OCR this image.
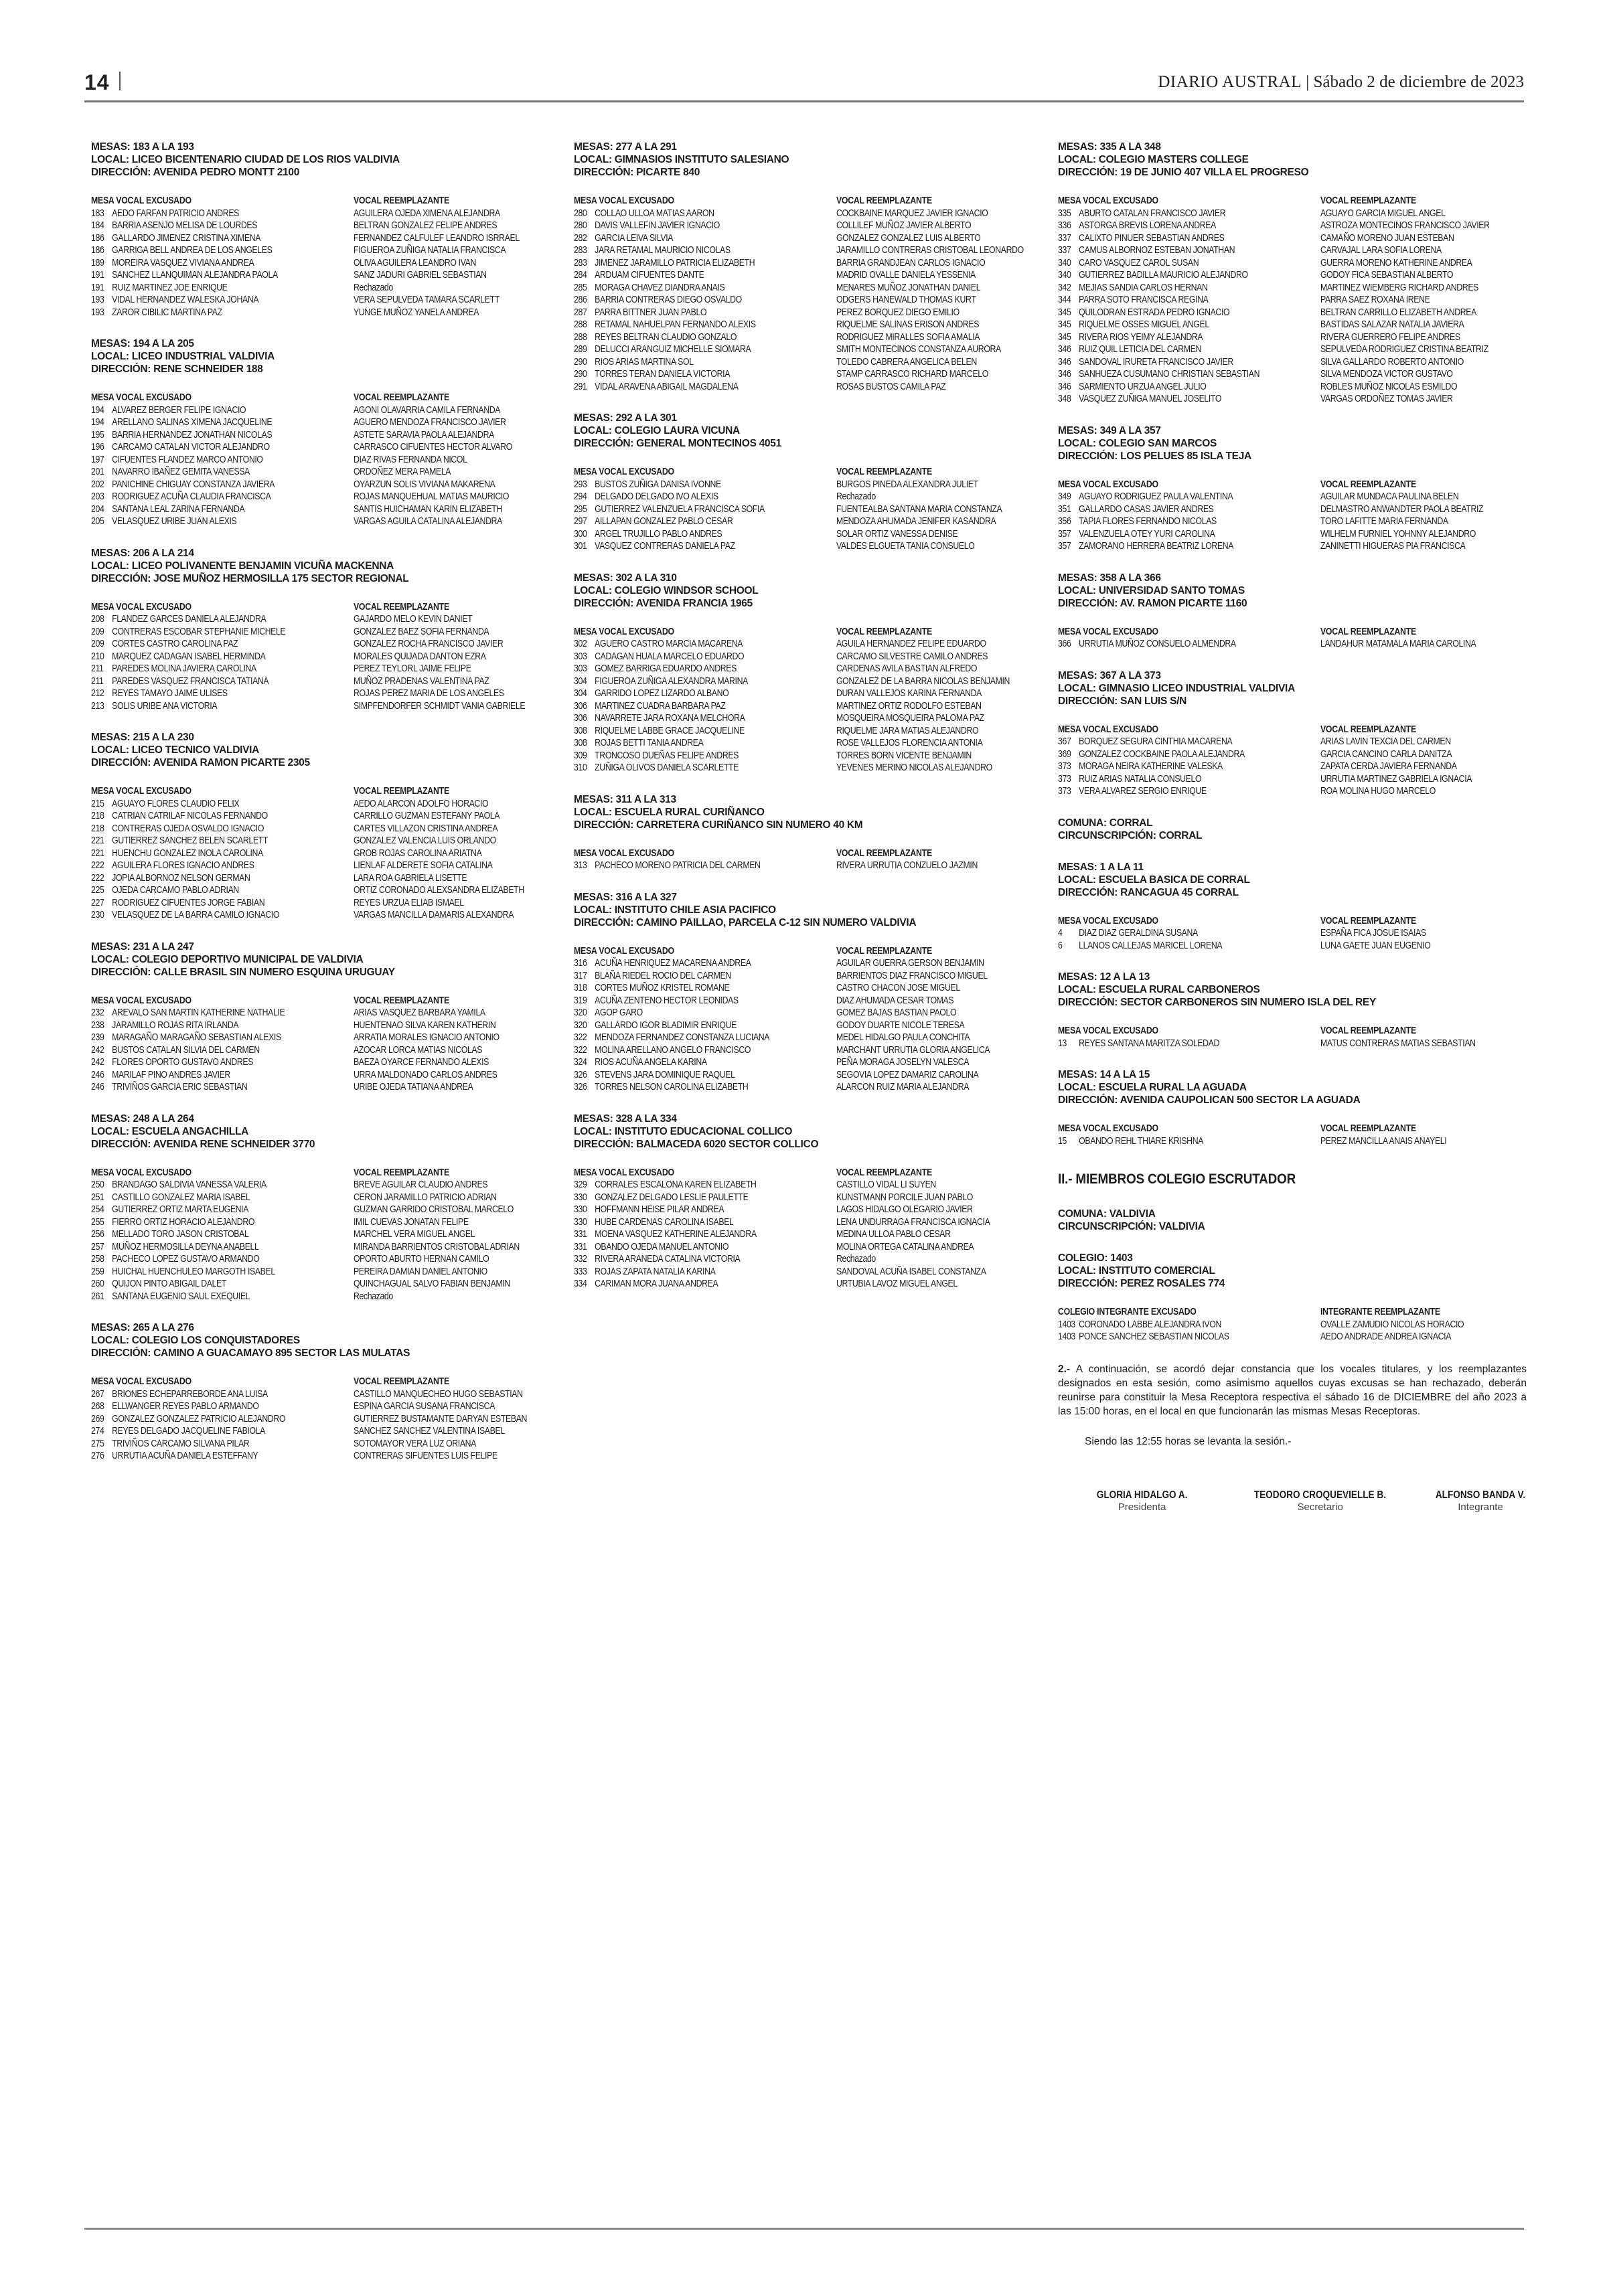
14	DIARIO AUSTRAL | Sábado 2 de diciembre de 2023
MESAS: 183 A LA 193
LOCAL: LICEO BICENTENARIO CIUDAD DE LOS RIOS VALDIVIA
DIRECCIÓN: AVENIDA PEDRO MONTT 2100
MESA VOCAL EXCUSADO	VOCAL REEMPLAZANTE
183 AEDO FARFAN PATRICIO ANDRES	AGUILERA OJEDA XIMENA ALEJANDRA
184 BARRIA ASENJO MELISA DE LOURDES	BELTRAN GONZALEZ FELIPE ANDRES
186 GALLARDO JIMENEZ CRISTINA XIMENA	FERNANDEZ CALFULEF LEANDRO ISRRAEL
186 GARRIGA BELL ANDREA DE LOS ANGELES	FIGUEROA ZUÑIGA NATALIA FRANCISCA
189 MOREIRA VASQUEZ VIVIANA ANDREA	OLIVA AGUILERA LEANDRO IVAN
191 SANCHEZ LLANQUIMAN ALEJANDRA PAOLA	SANZ JADURI GABRIEL SEBASTIAN
191 RUIZ MARTINEZ JOE ENRIQUE	Rechazado
193 VIDAL HERNANDEZ WALESKA JOHANA	VERA SEPULVEDA TAMARA SCARLETT
193 ZAROR CIBILIC MARTINA PAZ	YUNGE MUÑOZ YANELA ANDREA
MESAS: 194 A LA 205
LOCAL: LICEO INDUSTRIAL VALDIVIA
DIRECCIÓN: RENE SCHNEIDER 188
MESA VOCAL EXCUSADO	VOCAL REEMPLAZANTE
194 ALVAREZ BERGER FELIPE IGNACIO	AGONI OLAVARRIA CAMILA FERNANDA
194 ARELLANO SALINAS XIMENA JACQUELINE	AGUERO MENDOZA FRANCISCO JAVIER
195 BARRIA HERNANDEZ JONATHAN NICOLAS	ASTETE SARAVIA PAOLA ALEJANDRA
196 CARCAMO CATALAN VICTOR ALEJANDRO	CARRASCO CIFUENTES HECTOR ALVARO
197 CIFUENTES FLANDEZ MARCO ANTONIO	DIAZ RIVAS FERNANDA NICOL
201 NAVARRO IBAÑEZ GEMITA VANESSA	ORDOÑEZ MERA PAMELA
202 PANICHINE CHIGUAY CONSTANZA JAVIERA	OYARZUN SOLIS VIVIANA MAKARENA
203 RODRIGUEZ ACUÑA CLAUDIA FRANCISCA	ROJAS MANQUEHUAL MATIAS MAURICIO
204 SANTANA LEAL ZARINA FERNANDA	SANTIS HUICHAMAN KARIN ELIZABETH
205 VELASQUEZ URIBE JUAN ALEXIS	VARGAS AGUILA CATALINA ALEJANDRA
MESAS: 206 A LA 214
LOCAL: LICEO POLIVANENTE BENJAMIN VICUÑA MACKENNA
DIRECCIÓN: JOSE MUÑOZ HERMOSILLA 175 SECTOR REGIONAL
MESA VOCAL EXCUSADO	VOCAL REEMPLAZANTE
208 FLANDEZ GARCES DANIELA ALEJANDRA	GAJARDO MELO KEVIN DANIET
209 CONTRERAS ESCOBAR STEPHANIE MICHELE	GONZALEZ BAEZ SOFIA FERNANDA
209 CORTES CASTRO CAROLINA PAZ	GONZALEZ ROCHA FRANCISCO JAVIER
210 MARQUEZ CADAGAN ISABEL HERMINDA	MORALES QUIJADA DANTON EZRA
211 PAREDES MOLINA JAVIERA CAROLINA	PEREZ TEYLORL JAIME FELIPE
211 PAREDES VASQUEZ FRANCISCA TATIANA	MUÑOZ PRADENAS VALENTINA PAZ
212 REYES TAMAYO JAIME ULISES	ROJAS PEREZ MARIA DE LOS ANGELES
213 SOLIS URIBE ANA VICTORIA	SIMPFENDORFER SCHMIDT VANIA GABRIELE
MESAS: 215 A LA 230
LOCAL: LICEO TECNICO VALDIVIA
DIRECCIÓN: AVENIDA RAMON PICARTE 2305
MESA VOCAL EXCUSADO	VOCAL REEMPLAZANTE
215 AGUAYO FLORES CLAUDIO FELIX	AEDO ALARCON ADOLFO HORACIO
218 CATRIAN CATRILAF NICOLAS FERNANDO	CARRILLO GUZMAN ESTEFANY PAOLA
218 CONTRERAS OJEDA OSVALDO IGNACIO	CARTES VILLAZON CRISTINA ANDREA
221 GUTIERREZ SANCHEZ BELEN SCARLETT	GONZALEZ VALENCIA LUIS ORLANDO
221 HUENCHU GONZALEZ INOLA CAROLINA	GROB ROJAS CAROLINA ARIATNA
222 AGUILERA FLORES IGNACIO ANDRES	LIENLAF ALDERETE SOFIA CATALINA
222 JOPIA ALBORNOZ NELSON GERMAN	LARA ROA GABRIELA LISETTE
225 OJEDA CARCAMO PABLO ADRIAN	ORTIZ CORONADO ALEXSANDRA ELIZABETH
227 RODRIGUEZ CIFUENTES JORGE FABIAN	REYES URZUA ELIAB ISMAEL
230 VELASQUEZ DE LA BARRA CAMILO IGNACIO	VARGAS MANCILLA DAMARIS ALEXANDRA
MESAS: 231 A LA 247
LOCAL: COLEGIO DEPORTIVO MUNICIPAL DE VALDIVIA
DIRECCIÓN: CALLE BRASIL SIN NUMERO ESQUINA URUGUAY
MESA VOCAL EXCUSADO	VOCAL REEMPLAZANTE
232 AREVALO SAN MARTIN KATHERINE NATHALIE	ARIAS VASQUEZ BARBARA YAMILA
238 JARAMILLO ROJAS RITA IRLANDA	HUENTENAO SILVA KAREN KATHERIN
239 MARAGAÑO MARAGAÑO SEBASTIAN ALEXIS	ARRATIA MORALES IGNACIO ANTONIO
242 BUSTOS CATALAN SILVIA DEL CARMEN	AZOCAR LORCA MATIAS NICOLAS
242 FLORES OPORTO GUSTAVO ANDRES	BAEZA OYARCE FERNANDO ALEXIS
246 MARILAF PINO ANDRES JAVIER	URRA MALDONADO CARLOS ANDRES
246 TRIVIÑOS GARCIA ERIC SEBASTIAN	URIBE OJEDA TATIANA ANDREA
MESAS: 248 A LA 264
LOCAL: ESCUELA ANGACHILLA
DIRECCIÓN: AVENIDA RENE SCHNEIDER 3770
MESA VOCAL EXCUSADO	VOCAL REEMPLAZANTE
250 BRANDAGO SALDIVIA VANESSA VALERIA	BREVE AGUILAR CLAUDIO ANDRES
251 CASTILLO GONZALEZ MARIA ISABEL	CERON JARAMILLO PATRICIO ADRIAN
254 GUTIERREZ ORTIZ MARTA EUGENIA	GUZMAN GARRIDO CRISTOBAL MARCELO
255 FIERRO ORTIZ HORACIO ALEJANDRO	IMIL CUEVAS JONATAN FELIPE
256 MELLADO TORO JASON CRISTOBAL	MARCHEL VERA MIGUEL ANGEL
257 MUÑOZ HERMOSILLA DEYNA ANABELL	MIRANDA BARRIENTOS CRISTOBAL ADRIAN
258 PACHECO LOPEZ GUSTAVO ARMANDO	OPORTO ABURTO HERNAN CAMILO
259 HUICHAL HUENCHULEO MARGOTH ISABEL	PEREIRA DAMIAN DANIEL ANTONIO
260 QUIJON PINTO ABIGAIL DALET	QUINCHAGUAL SALVO FABIAN BENJAMIN
261 SANTANA EUGENIO SAUL EXEQUIEL	Rechazado
MESAS: 265 A LA 276
LOCAL: COLEGIO LOS CONQUISTADORES
DIRECCIÓN: CAMINO A GUACAMAYO 895 SECTOR LAS MULATAS
MESA VOCAL EXCUSADO	VOCAL REEMPLAZANTE
267 BRIONES ECHEPARREBORDE ANA LUISA	CASTILLO MANQUECHEO HUGO SEBASTIAN
268 ELLWANGER REYES PABLO ARMANDO	ESPINA GARCIA SUSANA FRANCISCA
269 GONZALEZ GONZALEZ PATRICIO ALEJANDRO	GUTIERREZ BUSTAMANTE DARYAN ESTEBAN
274 REYES DELGADO JACQUELINE FABIOLA	SANCHEZ SANCHEZ VALENTINA ISABEL
275 TRIVIÑOS CARCAMO SILVANA PILAR	SOTOMAYOR VERA LUZ ORIANA
276 URRUTIA ACUÑA DANIELA ESTEFFANY	CONTRERAS SIFUENTES LUIS FELIPE
MESAS: 277 A LA 291
LOCAL: GIMNASIOS INSTITUTO SALESIANO
DIRECCIÓN: PICARTE 840
MESA VOCAL EXCUSADO	VOCAL REEMPLAZANTE
280 COLLAO ULLOA MATIAS AARON	COCKBAINE MARQUEZ JAVIER IGNACIO
280 DAVIS VALLEFIN JAVIER IGNACIO	COLLILEF MUÑOZ JAVIER ALBERTO
282 GARCIA LEIVA SILVIA	GONZALEZ GONZALEZ LUIS ALBERTO
283 JARA RETAMAL MAURICIO NICOLAS	JARAMILLO CONTRERAS CRISTOBAL LEONARDO
283 JIMENEZ JARAMILLO PATRICIA ELIZABETH	BARRIA GRANDJEAN CARLOS IGNACIO
284 ARDUAM CIFUENTES DANTE	MADRID OVALLE DANIELA YESSENIA
285 MORAGA CHAVEZ DIANDRA ANAIS	MENARES MUÑOZ JONATHAN DANIEL
286 BARRIA CONTRERAS DIEGO OSVALDO	ODGERS HANEWALD THOMAS KURT
287 PARRA BITTNER JUAN PABLO	PEREZ BORQUEZ DIEGO EMILIO
288 RETAMAL NAHUELPAN FERNANDO ALEXIS	RIQUELME SALINAS ERISON ANDRES
288 REYES BELTRAN CLAUDIO GONZALO	RODRIGUEZ MIRALLES SOFIA AMALIA
289 DELUCCI ARANGUIZ MICHELLE SIOMARA	SMITH MONTECINOS CONSTANZA AURORA
290 RIOS ARIAS MARTINA SOL	TOLEDO CABRERA ANGELICA BELEN
290 TORRES TERAN DANIELA VICTORIA	STAMP CARRASCO RICHARD MARCELO
291 VIDAL ARAVENA ABIGAIL MAGDALENA	ROSAS BUSTOS CAMILA PAZ
MESAS: 292 A LA 301
LOCAL: COLEGIO LAURA VICUNA
DIRECCIÓN: GENERAL MONTECINOS 4051
MESA VOCAL EXCUSADO	VOCAL REEMPLAZANTE
293 BUSTOS ZUÑIGA DANISA IVONNE	BURGOS PINEDA ALEXANDRA JULIET
294 DELGADO DELGADO IVO ALEXIS	Rechazado
295 GUTIERREZ VALENZUELA FRANCISCA SOFIA	FUENTEALBA SANTANA MARIA CONSTANZA
297 AILLAPAN GONZALEZ PABLO CESAR	MENDOZA AHUMADA JENIFER KASANDRA
300 ARGEL TRUJILLO PABLO ANDRES	SOLAR ORTIZ VANESSA DENISE
301 VASQUEZ CONTRERAS DANIELA PAZ	VALDES ELGUETA TANIA CONSUELO
MESAS: 302 A LA 310
LOCAL: COLEGIO WINDSOR SCHOOL
DIRECCIÓN: AVENIDA FRANCIA 1965
MESA VOCAL EXCUSADO	VOCAL REEMPLAZANTE
302 AGUERO CASTRO MARCIA MACARENA	AGUILA HERNANDEZ FELIPE EDUARDO
303 CADAGAN HUALA MARCELO EDUARDO	CARCAMO SILVESTRE CAMILO ANDRES
303 GOMEZ BARRIGA EDUARDO ANDRES	CARDENAS AVILA BASTIAN ALFREDO
304 FIGUEROA ZUÑIGA ALEXANDRA MARINA	GONZALEZ DE LA BARRA NICOLAS BENJAMIN
304 GARRIDO LOPEZ LIZARDO ALBANO	DURAN VALLEJOS KARINA FERNANDA
306 MARTINEZ CUADRA BARBARA PAZ	MARTINEZ ORTIZ RODOLFO ESTEBAN
306 NAVARRETE JARA ROXANA MELCHORA	MOSQUEIRA MOSQUEIRA PALOMA PAZ
308 RIQUELME LABBE GRACE JACQUELINE	RIQUELME JARA MATIAS ALEJANDRO
308 ROJAS BETTI TANIA ANDREA	ROSE VALLEJOS FLORENCIA ANTONIA
309 TRONCOSO DUEÑAS FELIPE ANDRES	TORRES BORN VICENTE BENJAMIN
310 ZUÑIGA OLIVOS DANIELA SCARLETTE	YEVENES MERINO NICOLAS ALEJANDRO
MESAS: 311 A LA 313
LOCAL: ESCUELA RURAL CURIÑANCO
DIRECCIÓN: CARRETERA CURIÑANCO SIN NUMERO 40 KM
MESA VOCAL EXCUSADO	VOCAL REEMPLAZANTE
313 PACHECO MORENO PATRICIA DEL CARMEN	RIVERA URRUTIA CONZUELO JAZMIN
MESAS: 316 A LA 327
LOCAL: INSTITUTO CHILE ASIA PACIFICO
DIRECCIÓN: CAMINO PAILLAO, PARCELA C-12 SIN NUMERO VALDIVIA
MESA VOCAL EXCUSADO	VOCAL REEMPLAZANTE
316 ACUÑA HENRIQUEZ MACARENA ANDREA	AGUILAR GUERRA GERSON BENJAMIN
317 BLAÑA RIEDEL ROCIO DEL CARMEN	BARRIENTOS DIAZ FRANCISCO MIGUEL
318 CORTES MUÑOZ KRISTEL ROMANE	CASTRO CHACON JOSE MIGUEL
319 ACUÑA ZENTENO HECTOR LEONIDAS	DIAZ AHUMADA CESAR TOMAS
320 AGOP GARO	GOMEZ BAJAS BASTIAN PAOLO
320 GALLARDO IGOR BLADIMIR ENRIQUE	GODOY DUARTE NICOLE TERESA
322 MENDOZA FERNANDEZ CONSTANZA LUCIANA	MEDEL HIDALGO PAULA CONCHITA
322 MOLINA ARELLANO ANGELO FRANCISCO	MARCHANT URRUTIA GLORIA ANGELICA
324 RIOS ACUÑA ANGELA KARINA	PEÑA MORAGA JOSELYN VALESCA
326 STEVENS JARA DOMINIQUE RAQUEL	SEGOVIA LOPEZ DAMARIZ CAROLINA
326 TORRES NELSON CAROLINA ELIZABETH	ALARCON RUIZ MARIA ALEJANDRA
MESAS: 328 A LA 334
LOCAL: INSTITUTO EDUCACIONAL COLLICO
DIRECCIÓN: BALMACEDA 6020 SECTOR COLLICO
MESA VOCAL EXCUSADO	VOCAL REEMPLAZANTE
329 CORRALES ESCALONA KAREN ELIZABETH	CASTILLO VIDAL LI SUYEN
330 GONZALEZ DELGADO LESLIE PAULETTE	KUNSTMANN PORCILE JUAN PABLO
330 HOFFMANN HEISE PILAR ANDREA	LAGOS HIDALGO OLEGARIO JAVIER
330 HUBE CARDENAS CAROLINA ISABEL	LENA UNDURRAGA FRANCISCA IGNACIA
331 MOENA VASQUEZ KATHERINE ALEJANDRA	MEDINA ULLOA PABLO CESAR
331 OBANDO OJEDA MANUEL ANTONIO	MOLINA ORTEGA CATALINA ANDREA
332 RIVERA ARANEDA CATALINA VICTORIA	Rechazado
333 ROJAS ZAPATA NATALIA KARINA	SANDOVAL ACUÑA ISABEL CONSTANZA
334 CARIMAN MORA JUANA ANDREA	URTUBIA LAVOZ MIGUEL ANGEL
MESAS: 335 A LA 348
LOCAL: COLEGIO MASTERS COLLEGE
DIRECCIÓN: 19 DE JUNIO 407 VILLA EL PROGRESO
MESA VOCAL EXCUSADO	VOCAL REEMPLAZANTE
335 ABURTO CATALAN FRANCISCO JAVIER	AGUAYO GARCIA MIGUEL ANGEL
336 ASTORGA BREVIS LORENA ANDREA	ASTROZA MONTECINOS FRANCISCO JAVIER
337 CALIXTO PINUER SEBASTIAN ANDRES	CAMAÑO MORENO JUAN ESTEBAN
337 CAMUS ALBORNOZ ESTEBAN JONATHAN	CARVAJAL LARA SOFIA LORENA
340 CARO VASQUEZ CAROL SUSAN	GUERRA MORENO KATHERINE ANDREA
340 GUTIERREZ BADILLA MAURICIO ALEJANDRO	GODOY FICA SEBASTIAN ALBERTO
342 MEJIAS SANDIA CARLOS HERNAN	MARTINEZ WIEMBERG RICHARD ANDRES
344 PARRA SOTO FRANCISCA REGINA	PARRA SAEZ ROXANA IRENE
345 QUILODRAN ESTRADA PEDRO IGNACIO	BELTRAN CARRILLO ELIZABETH ANDREA
345 RIQUELME OSSES MIGUEL ANGEL	BASTIDAS SALAZAR NATALIA JAVIERA
345 RIVERA RIOS YEIMY ALEJANDRA	RIVERA GUERRERO FELIPE ANDRES
346 RUIZ QUIL LETICIA DEL CARMEN	SEPULVEDA RODRIGUEZ CRISTINA BEATRIZ
346 SANDOVAL IRURETA FRANCISCO JAVIER	SILVA GALLARDO ROBERTO ANTONIO
346 SANHUEZA CUSUMANO CHRISTIAN SEBASTIAN	SILVA MENDOZA VICTOR GUSTAVO
346 SARMIENTO URZUA ANGEL JULIO	ROBLES MUÑOZ NICOLAS ESMILDO
348 VASQUEZ ZUÑIGA MANUEL JOSELITO	VARGAS ORDOÑEZ TOMAS JAVIER
MESAS: 349 A LA 357
LOCAL: COLEGIO SAN MARCOS
DIRECCIÓN: LOS PELUES 85 ISLA TEJA
MESA VOCAL EXCUSADO	VOCAL REEMPLAZANTE
349 AGUAYO RODRIGUEZ PAULA VALENTINA	AGUILAR MUNDACA PAULINA BELEN
351 GALLARDO CASAS JAVIER ANDRES	DELMASTRO ANWANDTER PAOLA BEATRIZ
356 TAPIA FLORES FERNANDO NICOLAS	TORO LAFITTE MARIA FERNANDA
357 VALENZUELA OTEY YURI CAROLINA	WILHELM FURNIEL YOHNNY ALEJANDRO
357 ZAMORANO HERRERA BEATRIZ LORENA	ZANINETTI HIGUERAS PIA FRANCISCA
MESAS: 358 A LA 366
LOCAL: UNIVERSIDAD SANTO TOMAS
DIRECCIÓN: AV. RAMON PICARTE 1160
MESA VOCAL EXCUSADO	VOCAL REEMPLAZANTE
366 URRUTIA MUÑOZ CONSUELO ALMENDRA	LANDAHUR MATAMALA MARIA CAROLINA
MESAS: 367 A LA 373
LOCAL: GIMNASIO LICEO INDUSTRIAL VALDIVIA
DIRECCIÓN: SAN LUIS S/N
MESA VOCAL EXCUSADO	VOCAL REEMPLAZANTE
367 BORQUEZ SEGURA CINTHIA MACARENA	ARIAS LAVIN TEXCIA DEL CARMEN
369 GONZALEZ COCKBAINE PAOLA ALEJANDRA	GARCIA CANCINO CARLA DANITZA
373 MORAGA NEIRA KATHERINE VALESKA	ZAPATA CERDA JAVIERA FERNANDA
373 RUIZ ARIAS NATALIA CONSUELO	URRUTIA MARTINEZ GABRIELA IGNACIA
373 VERA ALVAREZ SERGIO ENRIQUE	ROA MOLINA HUGO MARCELO
COMUNA: CORRAL
CIRCUNSCRIPCIÓN: CORRAL
MESAS: 1 A LA 11
LOCAL: ESCUELA BASICA DE CORRAL
DIRECCIÓN: RANCAGUA 45 CORRAL
MESA VOCAL EXCUSADO	VOCAL REEMPLAZANTE
4	DIAZ DIAZ GERALDINA SUSANA	ESPAÑA FICA JOSUE ISAIAS
6	LLANOS CALLEJAS MARICEL LORENA	LUNA GAETE JUAN EUGENIO
MESAS: 12 A LA 13
LOCAL: ESCUELA RURAL CARBONEROS
DIRECCIÓN: SECTOR CARBONEROS SIN NUMERO ISLA DEL REY
MESA VOCAL EXCUSADO	VOCAL REEMPLAZANTE
13	REYES SANTANA MARITZA SOLEDAD	MATUS CONTRERAS MATIAS SEBASTIAN
MESAS: 14 A LA 15
LOCAL: ESCUELA RURAL LA AGUADA
DIRECCIÓN: AVENIDA CAUPOLICAN 500 SECTOR LA AGUADA
MESA VOCAL EXCUSADO	VOCAL REEMPLAZANTE
15	OBANDO REHL THIARE KRISHNA	PEREZ MANCILLA ANAIS ANAYELI
II.- MIEMBROS COLEGIO ESCRUTADOR
COMUNA: VALDIVIA
CIRCUNSCRIPCIÓN: VALDIVIA
COLEGIO: 1403
LOCAL: INSTITUTO COMERCIAL
DIRECCIÓN: PEREZ ROSALES 774
COLEGIO INTEGRANTE EXCUSADO	INTEGRANTE REEMPLAZANTE
1403 CORONADO LABBE ALEJANDRA IVON	OVALLE ZAMUDIO NICOLAS HORACIO
1403 PONCE SANCHEZ SEBASTIAN NICOLAS	AEDO ANDRADE ANDREA IGNACIA
2.- A continuación, se acordó dejar constancia que los vocales titulares, y los reemplazantes designados en esta sesión, como asimismo aquellos cuyas excusas se han rechazado, deberán reunirse para constituir la Mesa Receptora respectiva el sábado 16 de DICIEMBRE del año 2023 a las 15:00 horas, en el local en que funcionarán las mismas Mesas Receptoras.
Siendo las 12:55 horas se levanta la sesión.-
GLORIA HIDALGO A.
Presidenta
TEODORO CROQUEVIELLE B.
Secretario
ALFONSO BANDA V.
Integrante
